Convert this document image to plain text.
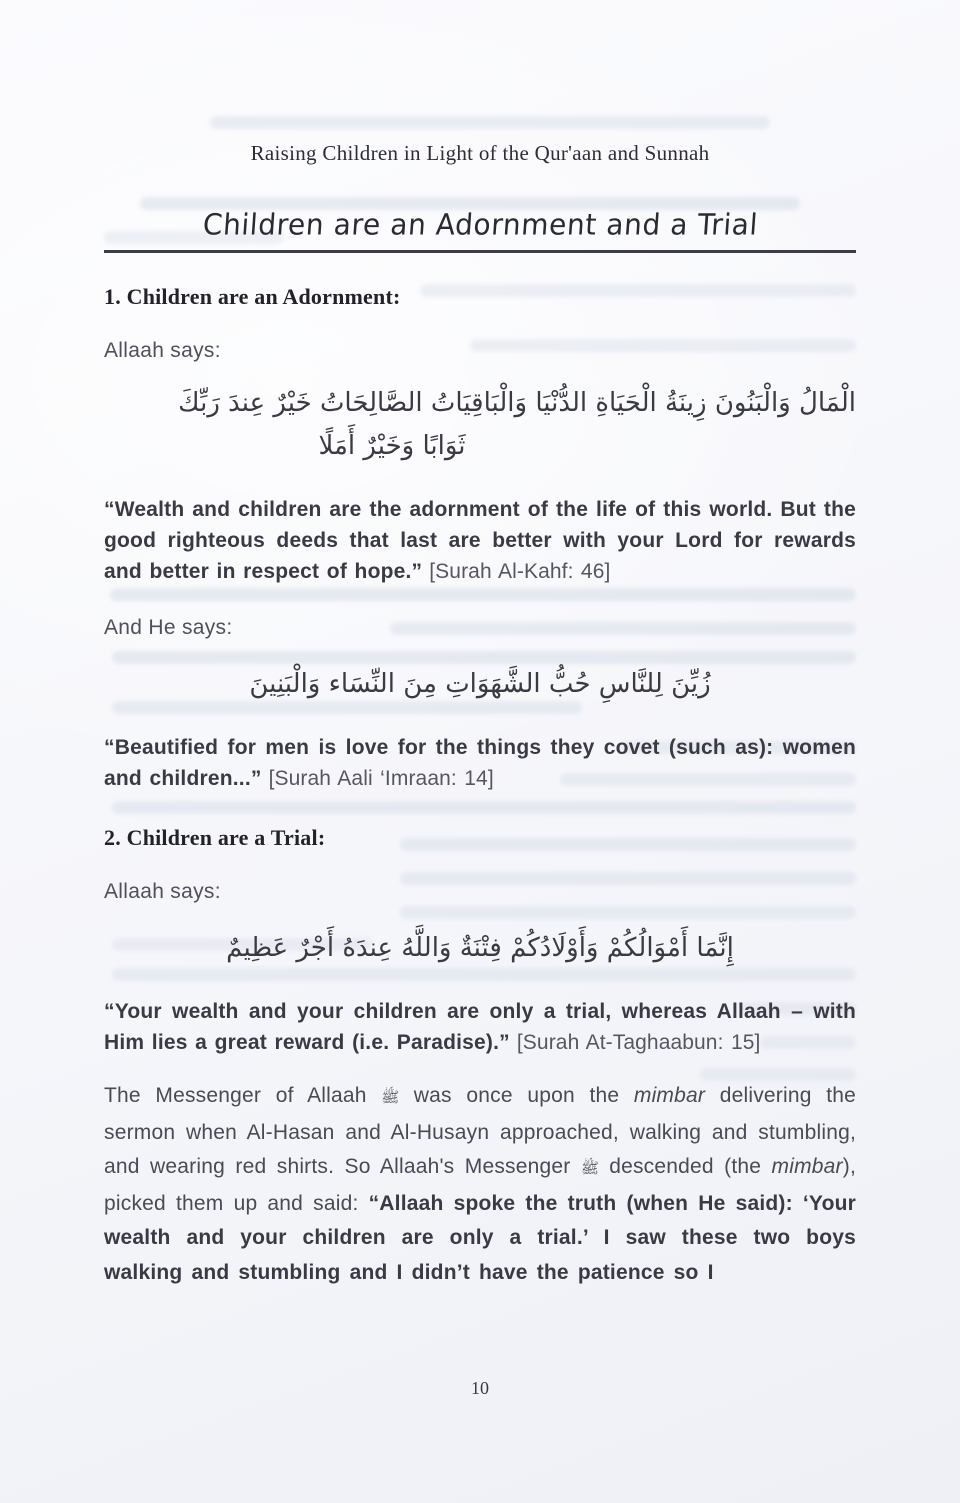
Raising Children in Light of the Qur'aan and Sunnah
Children are an Adornment and a Trial
1. Children are an Adornment:
Allaah says:
الْمَالُ وَالْبَنُونَ زِينَةُ الْحَيَاةِ الدُّنْيَا وَالْبَاقِيَاتُ الصَّالِحَاتُ خَيْرٌ عِندَ رَبِّكَ
ثَوَابًا وَخَيْرٌ أَمَلًا

“Wealth and children are the adornment of the life of this world. But the good righteous deeds that last are better with your Lord for rewards and better in respect of hope.” [Surah Al-Kahf: 46]

And He says:
زُيِّنَ لِلنَّاسِ حُبُّ الشَّهَوَاتِ مِنَ النِّسَاء وَالْبَنِينَ

“Beautified for men is love for the things they covet (such as): women and children...” [Surah Aali ‘Imraan: 14]

2. Children are a Trial:
Allaah says:
إِنَّمَا أَمْوَالُكُمْ وَأَوْلَادُكُمْ فِتْنَةٌ وَاللَّهُ عِندَهُ أَجْرٌ عَظِيمٌ

“Your wealth and your children are only a trial, whereas Allaah – with Him lies a great reward (i.e. Paradise).” [Surah At-Taghaabun: 15]

The Messenger of Allaah ﷺ was once upon the mimbar delivering the sermon when Al-Hasan and Al-Husayn approached, walking and stumbling, and wearing red shirts. So Allaah's Messenger ﷺ descended (the mimbar), picked them up and said: “Allaah spoke the truth (when He said): ‘Your wealth and your children are only a trial.’ I saw these two boys walking and stumbling and I didn’t have the patience so I

10
